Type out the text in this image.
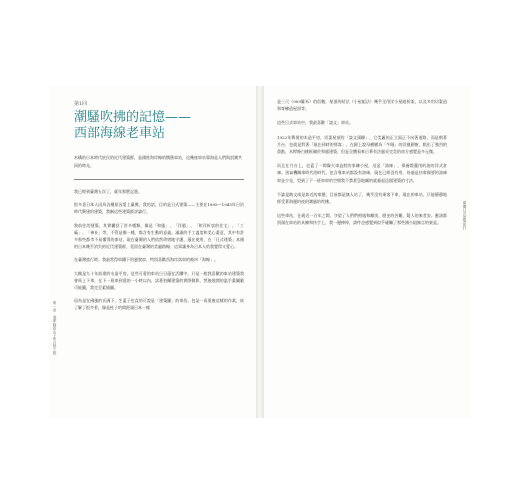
第一章　淺夢綠景山下的自然之旅
第1回
潮騷吹拂的記憶——
西部海線老車站

木構的日本時代庶民的近代建築群，是國姓海岸線的懷舊車站，這幾座車站靠海是人們與浪潮共同的時光。

我已經到臺灣五次了，就年那麼記趁。

恨多喜日本人因為各種原因愛上臺灣，我的話，目的是日式建築——主要在1895～1945年日治時代興建的建築，我稱這些建築群評論行。

我前往的建築，其實囊括了許多種類，像是「和風」、「洋風」、「和洋折衷的住宅」、「工廠」、「神社」等，不管是哪一種，都含有生動的意義。滿滿的手工溫度和美心畫意，其中有許多那些都市不易懂得的車站，現在臺灣的人們依然珍惜地守護，還在使用，在「日式建築」本國的日本幾乎消失的近代建築群，竟留在臺灣的美麗路線，這事讓身為日本人的我覺得又愛心。

在臺灣旅行時，我最常得車鐵下的風貌車，特別喜歡西海岸落車的被叫「海線」。

大概是九十年前建的水造平房，這些可愛的車站日日還在活躍中，只是一般我喜歡的車站建築我會馬上下車，在下一班車到達的一小時以內，試著拍攝建築的實際側影，然後地開的溫手畫圖範可能圖，我完至素描圖。

因為是在國風的氏國下，生蓋子也直的可說是「建築圖」的車西，包是一再重複這樣的作業，欲了解了恨多景，像是柱子的間距頭日本一樣

臺灣日式建築旅行

是三尺（909釐米）的倍數，屋頂的結法（小屋組法）幾乎全用洋小屋組析架，以及多用切妻造和寄棟造屋頂等。

這些日式車站中，我最喜歡「談文」車站。

1922年興建的木造平房，切妻屋頂的「談文頭驛」，它美麗的正立面正不向著道路，而是朝著月台，包就是對著「現在到時的那客」，在歸上說母橫橫為「牛眼」的洋風圓窗，點出了強烈的重點，木桿條白桃框襯於和風建築，但是全體看來日華有法風采完美的南方感覺是多元微。

而且在月台上，也蓋了一間像火車盒般的家練小屋，這是「油庫」，保養燈籠用的油的洋式倉庫。黑氣機關車時代的時代，包含專車站都設有油庫，現在已經沒有用，待過是扶車國要的油庫車並少見，型到了下一班車車的空閒我不禁著急地關的就量起這個建築的寸法。

不論是踏文或是如近的車趟，目前都是無人站了，幾乎沒有乘客下車，現在的車站，只能靜靜地經受著海邊的夜的潮風的吹拂。

這些車站，在歲近一百年之間，守望了人們們相遇和離別，歷史的苦難，疑人的來者安。應該都別頭在車站的具棟和扶手上，我一邊捧掉，訓件也感覺到似乎碰觸了那些國小組無言的東是。
